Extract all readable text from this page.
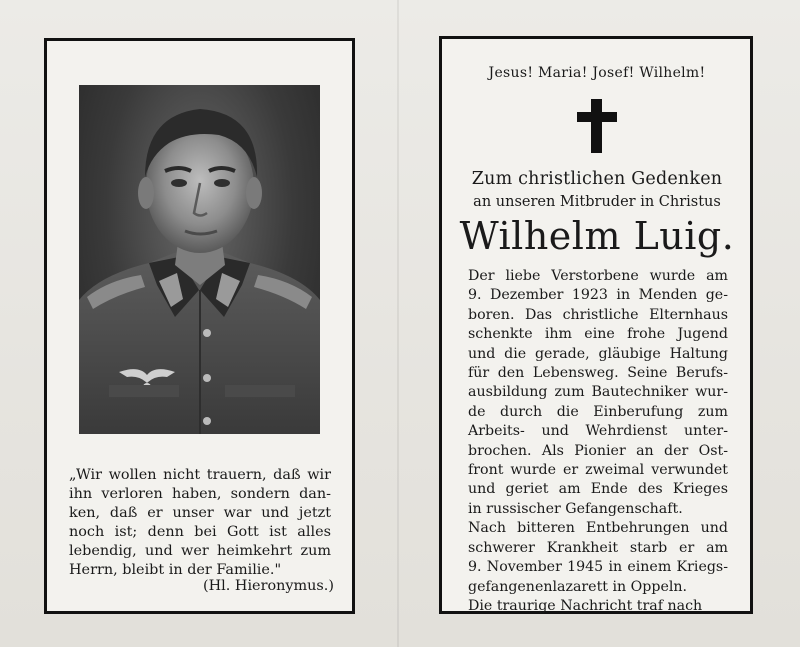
„Wir wollen nicht trauern, daß wir
ihn verloren haben, sondern dan-
ken, daß er unser war und jetzt
noch ist; denn bei Gott ist alles
lebendig, und wer heimkehrt zum
Herrn, bleibt in der Familie."
(Hl. Hieronymus.)
Jesus! Maria! Josef! Wilhelm!
Zum christlichen Gedenken
an unseren Mitbruder in Christus
Wilhelm Luig.
Der liebe Verstorbene wurde am
9. Dezember 1923 in Menden ge-
boren. Das christliche Elternhaus
schenkte ihm eine frohe Jugend
und die gerade, gläubige Haltung
für den Lebensweg. Seine Berufs-
ausbildung zum Bautechniker wur-
de durch die Einberufung zum
Arbeits- und Wehrdienst unter-
brochen. Als Pionier an der Ost-
front wurde er zweimal verwundet
und geriet am Ende des Krieges
in russischer Gefangenschaft.
Nach bitteren Entbehrungen und
schwerer Krankheit starb er am
9. November 1945 in einem Kriegs-
gefangenenlazarett in Oppeln.
Die traurige Nachricht traf nach
